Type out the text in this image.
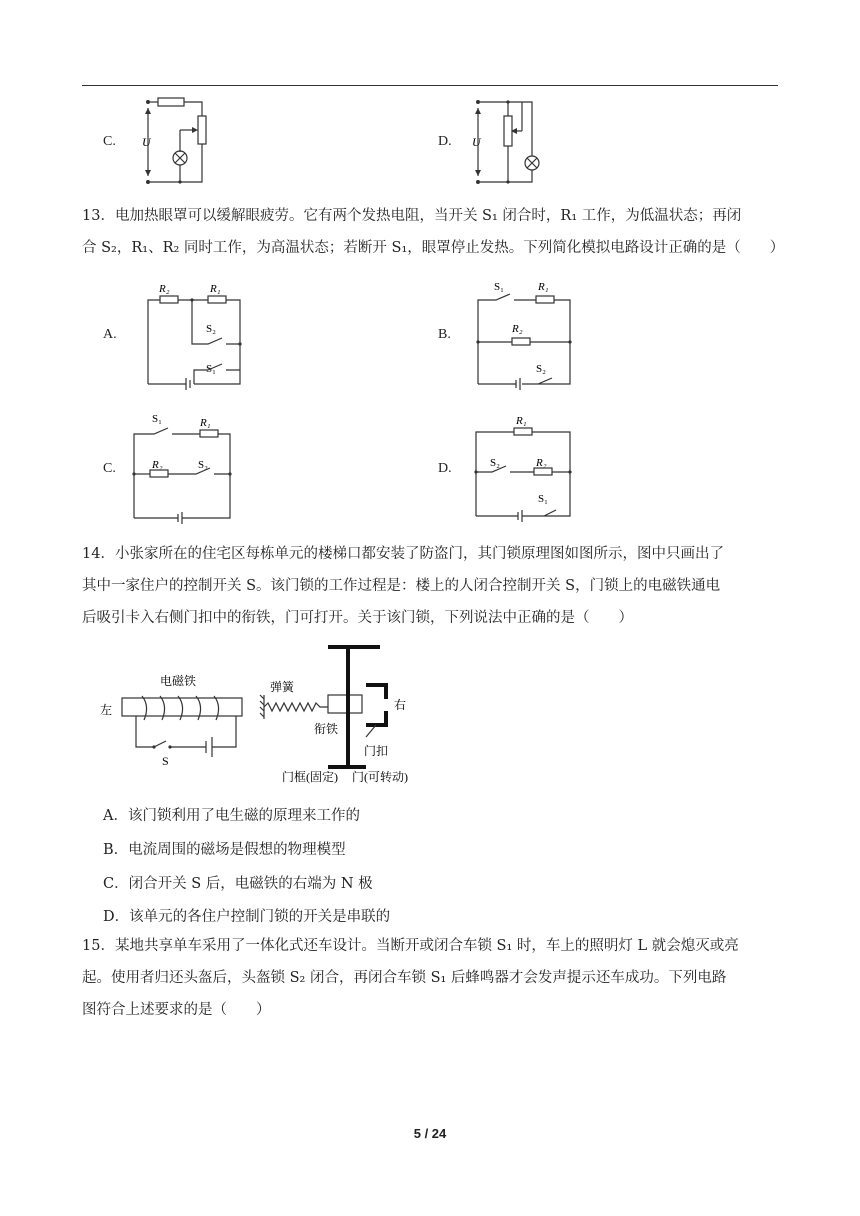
C. U	D. U

13．电加热眼罩可以缓解眼疲劳。它有两个发热电阻，当开关 S₁ 闭合时，R₁ 工作，为低温状态；再闭

合 S₂，R₁、R₂ 同时工作，为高温状态；若断开 S₁，眼罩停止发热。下列简化模拟电路设计正确的是（　　）

A.
R₂	R₁
S₂
S₁
B.
S₁	R₁
R₂
S₂
C.
S₁	R₁
R₂	S₂	D.
R₁
S₂	R₂
S₁

14．小张家所在的住宅区每栋单元的楼梯口都安装了防盗门，其门锁原理图如图所示，图中只画出了

其中一家住户的控制开关 S。该门锁的工作过程是：楼上的人闭合控制开关 S，门锁上的电磁铁通电

后吸引卡入右侧门扣中的衔铁，门可打开。关于该门锁，下列说法中正确的是（　　）

电磁铁
左
S
弹簧
衔铁
右
门扣
门框(固定) 门(可转动)
A．该门锁利用了电生磁的原理来工作的
B．电流周围的磁场是假想的物理模型
C．闭合开关 S 后，电磁铁的右端为 N 极
D．该单元的各住户控制门锁的开关是串联的

15．某地共享单车采用了一体化式还车设计。当断开或闭合车锁 S₁ 时，车上的照明灯 L 就会熄灭或亮

起。使用者归还头盔后，头盔锁 S₂ 闭合，再闭合车锁 S₁ 后蜂鸣器才会发声提示还车成功。下列电路

图符合上述要求的是（　　）

5 / 24
